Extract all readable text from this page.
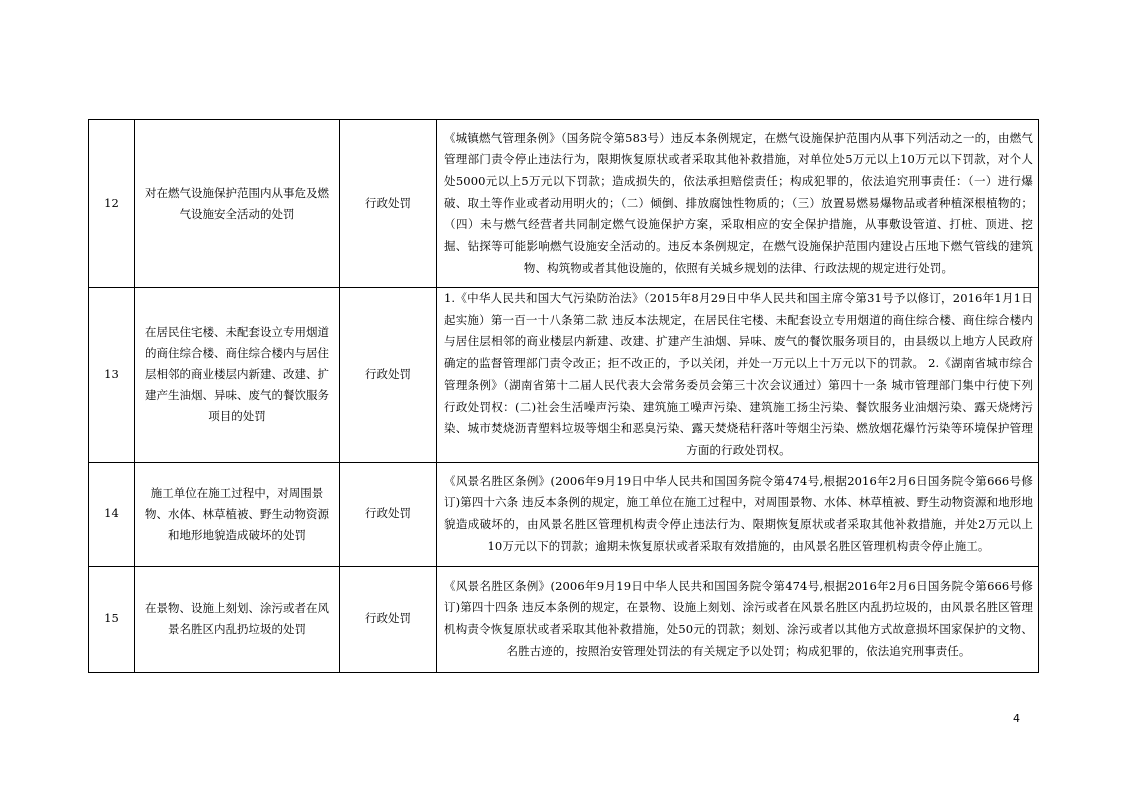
12	对在燃气设施保护范围内从事危及燃气设施安全活动的处罚	行政处罚	《城镇燃气管理条例》（国务院令第583号）违反本条例规定，在燃气设施保护范围内从事下列活动之一的，由燃气管理部门责令停止违法行为，限期恢复原状或者采取其他补救措施，对单位处5万元以上10万元以下罚款，对个人处5000元以上5万元以下罚款；造成损失的，依法承担赔偿责任；构成犯罪的，依法追究刑事责任：（一）进行爆破、取土等作业或者动用明火的；（二）倾倒、排放腐蚀性物质的；（三）放置易燃易爆物品或者种植深根植物的；（四）未与燃气经营者共同制定燃气设施保护方案，采取相应的安全保护措施，从事敷设管道、打桩、顶进、挖掘、钻探等可能影响燃气设施安全活动的。违反本条例规定，在燃气设施保护范围内建设占压地下燃气管线的建筑物、构筑物或者其他设施的，依照有关城乡规划的法律、行政法规的规定进行处罚。

13	在居民住宅楼、未配套设立专用烟道的商住综合楼、商住综合楼内与居住层相邻的商业楼层内新建、改建、扩建产生油烟、异味、废气的餐饮服务项目的处罚	行政处罚	1.《中华人民共和国大气污染防治法》（2015年8月29日中华人民共和国主席令第31号予以修订，2016年1月1日起实施）第一百一十八条第二款 违反本法规定，在居民住宅楼、未配套设立专用烟道的商住综合楼、商住综合楼内与居住层相邻的商业楼层内新建、改建、扩建产生油烟、异味、废气的餐饮服务项目的，由县级以上地方人民政府确定的监督管理部门责令改正；拒不改正的，予以关闭，并处一万元以上十万元以下的罚款。 2.《湖南省城市综合管理条例》（湖南省第十二届人民代表大会常务委员会第三十次会议通过）第四十一条 城市管理部门集中行使下列行政处罚权：(二)社会生活噪声污染、建筑施工噪声污染、建筑施工扬尘污染、餐饮服务业油烟污染、露天烧烤污染、城市焚烧沥青塑料垃圾等烟尘和恶臭污染、露天焚烧秸秆落叶等烟尘污染、燃放烟花爆竹污染等环境保护管理方面的行政处罚权。

14	施工单位在施工过程中，对周围景物、水体、林草植被、野生动物资源和地形地貌造成破坏的处罚	行政处罚	《风景名胜区条例》(2006年9月19日中华人民共和国国务院令第474号,根据2016年2月6日国务院令第666号修订)第四十六条 违反本条例的规定，施工单位在施工过程中，对周围景物、水体、林草植被、野生动物资源和地形地貌造成破坏的，由风景名胜区管理机构责令停止违法行为、限期恢复原状或者采取其他补救措施，并处2万元以上10万元以下的罚款；逾期未恢复原状或者采取有效措施的，由风景名胜区管理机构责令停止施工。

15	在景物、设施上刻划、涂污或者在风景名胜区内乱扔垃圾的处罚	行政处罚	《风景名胜区条例》(2006年9月19日中华人民共和国国务院令第474号,根据2016年2月6日国务院令第666号修订)第四十四条 违反本条例的规定，在景物、设施上刻划、涂污或者在风景名胜区内乱扔垃圾的，由风景名胜区管理机构责令恢复原状或者采取其他补救措施，处50元的罚款；刻划、涂污或者以其他方式故意损坏国家保护的文物、名胜古迹的，按照治安管理处罚法的有关规定予以处罚；构成犯罪的，依法追究刑事责任。
4
